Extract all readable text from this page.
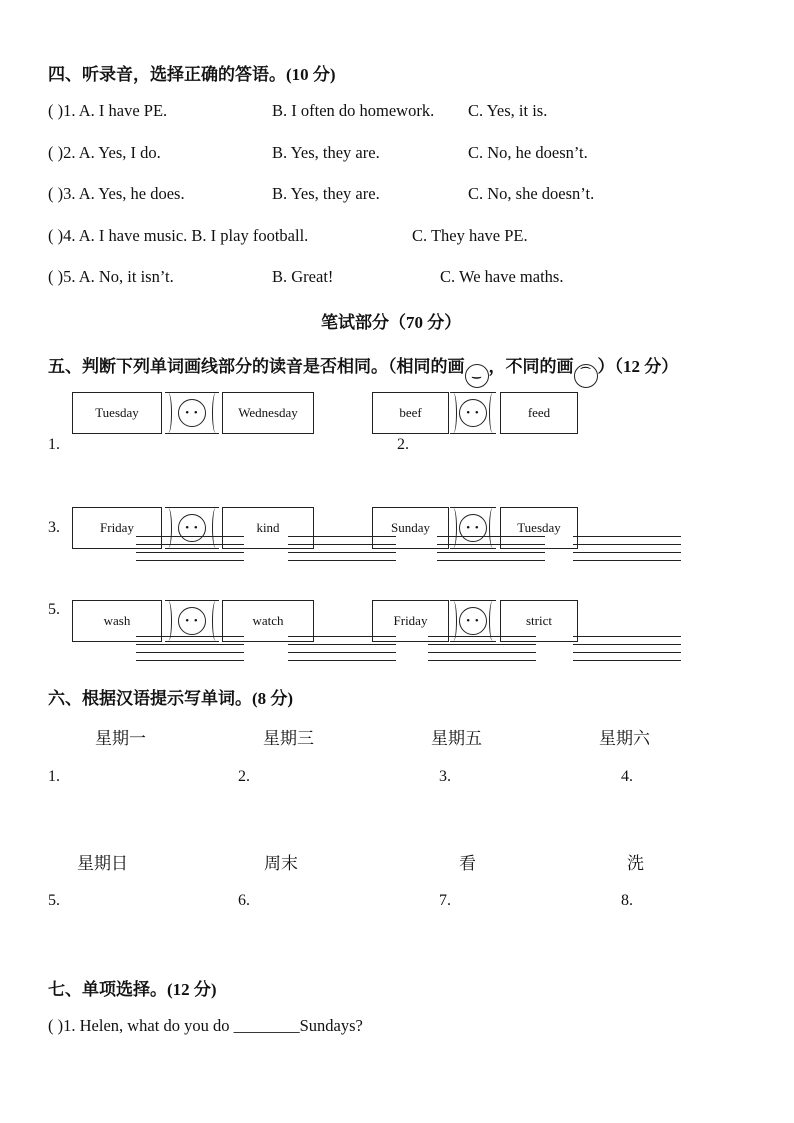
四、听录音，选择正确的答语。(10 分)
( )1. A. I have PE.	B. I often do homework. C. Yes, it is.
( )2. A. Yes, I do.	B. Yes, they are.	C. No, he doesn’t.
( )3. A. Yes, he does.	B. Yes, they are.	C. No, she doesn’t.
( )4. A. I have music. B. I play football.	C. They have PE.
( )5. A. No, it isn’t.	B. Great!	C. We have maths.
笔试部分（70 分）
五、判断下列单词画线部分的读音是否相同。（相同的画 ‿ ，不同的画 ⌒ ）（12 分）
Tuesday	• •	Wednesday	beef	• •	feed
1.	2.
3.	Friday	• •	kind	Sunday	• •	Tuesday
5.
wash	• •	watch	Friday	• •	strict
六、根据汉语提示写单词。(8 分)
星期一	星期三	星期五	星期六
1.	2.	3.	4.
星期日	周末	看	洗
5.	6.	7.	8.
七、单项选择。(12 分)
( )1. Helen, what do you do ________Sundays?
